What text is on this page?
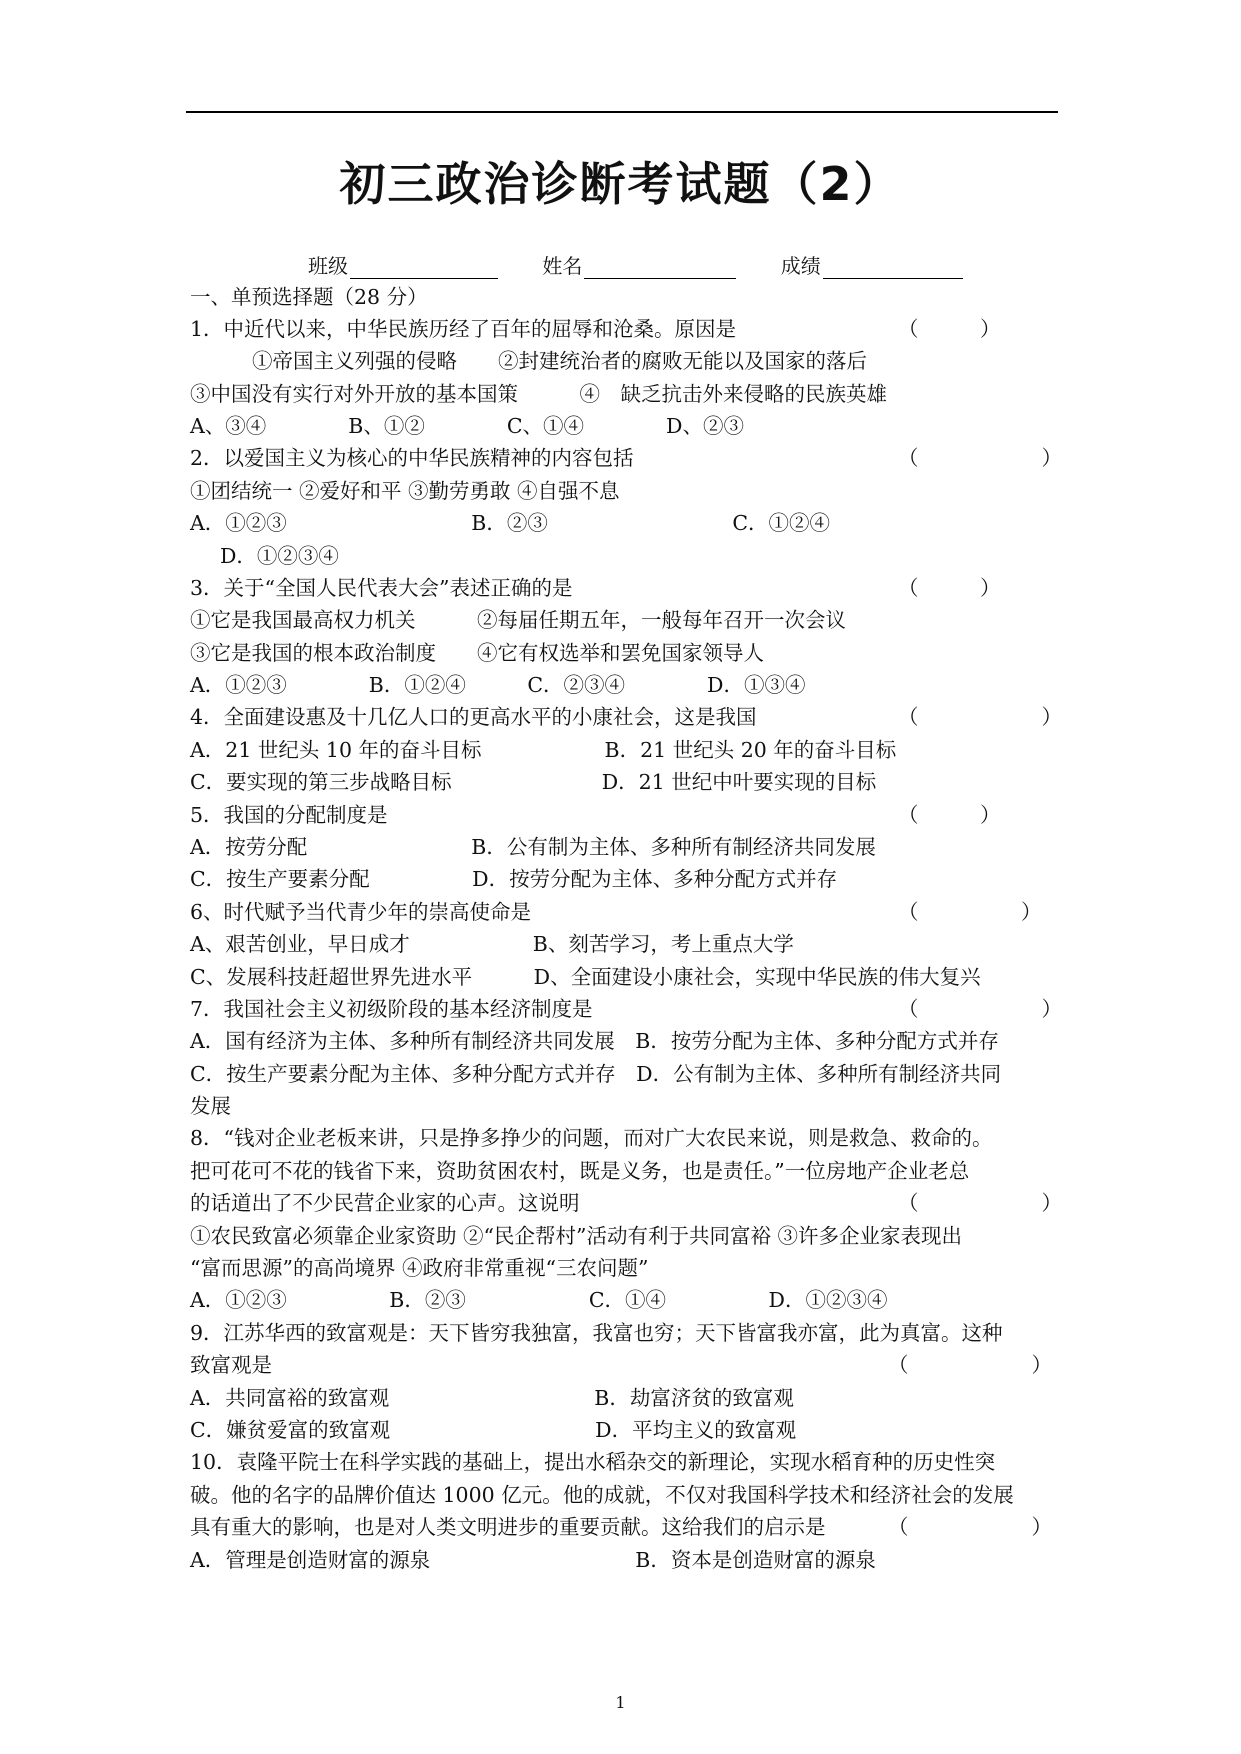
初三政治诊断考试题（2）
班级	姓名	成绩
一、单预选择题（28 分）
1．中近代以来，中华民族历经了百年的屈辱和沧桑。原因是
①帝国主义列强的侵略　　②封建统治者的腐败无能以及国家的落后
③中国没有实行对外开放的基本国策　　　④　缺乏抗击外来侵略的民族英雄
A、③④　　　　B、①②　　　　C、①④　　　　D、②③
2．以爱国主义为核心的中华民族精神的内容包括
①团结统一 ②爱好和平 ③勤劳勇敢 ④自强不息
A．①②③　　　　　　　　　B．②③　　　　　　　　　C．①②④
D．①②③④
3．关于“全国人民代表大会”表述正确的是
①它是我国最高权力机关　　　②每届任期五年，一般每年召开一次会议
③它是我国的根本政治制度　　④它有权选举和罢免国家领导人
A．①②③　　　　B．①②④　　　C．②③④　　　　D．①③④
4．全面建设惠及十几亿人口的更高水平的小康社会，这是我国
A．21 世纪头 10 年的奋斗目标　　　　　　B．21 世纪头 20 年的奋斗目标
C．要实现的第三步战略目标　　　　　　　 D．21 世纪中叶要实现的目标
5．我国的分配制度是
A．按劳分配　　　　　　　　B．公有制为主体、多种所有制经济共同发展
C．按生产要素分配　　　　　D．按劳分配为主体、多种分配方式并存
6、时代赋予当代青少年的崇高使命是
A、艰苦创业，早日成才　　　　　　B、刻苦学习，考上重点大学
C、发展科技赶超世界先进水平　　　D、全面建设小康社会，实现中华民族的伟大复兴
7．我国社会主义初级阶段的基本经济制度是
A．国有经济为主体、多种所有制经济共同发展　B．按劳分配为主体、多种分配方式并存
C．按生产要素分配为主体、多种分配方式并存　D．公有制为主体、多种所有制经济共同
发展
8．“钱对企业老板来讲，只是挣多挣少的问题，而对广大农民来说，则是救急、救命的。
把可花可不花的钱省下来，资助贫困农村，既是义务，也是责任。”一位房地产企业老总
的话道出了不少民营企业家的心声。这说明
①农民致富必须靠企业家资助 ②“民企帮村”活动有利于共同富裕 ③许多企业家表现出
“富而思源”的高尚境界 ④政府非常重视“三农问题”
A．①②③　　　　　B．②③　　　　　　C．①④　　　　　D．①②③④
9．江苏华西的致富观是：天下皆穷我独富，我富也穷；天下皆富我亦富，此为真富。这种
致富观是
A．共同富裕的致富观　　　　　　　　　　B．劫富济贫的致富观
C．嫌贫爱富的致富观　　　　　　　　　　D．平均主义的致富观
10．袁隆平院士在科学实践的基础上，提出水稻杂交的新理论，实现水稻育种的历史性突
破。他的名字的品牌价值达 1000 亿元。他的成就，不仅对我国科学技术和经济社会的发展
具有重大的影响，也是对人类文明进步的重要贡献。这给我们的启示是
A．管理是创造财富的源泉　　　　　　　　　　B．资本是创造财富的源泉
（　　　）
（　　　　　　）
（　　　）
（　　　　　　）
（　　　）
（　　　　　）
（　　　　　　）
（　　　　　　）
（　　　　　　）
（　　　　　　）
1
